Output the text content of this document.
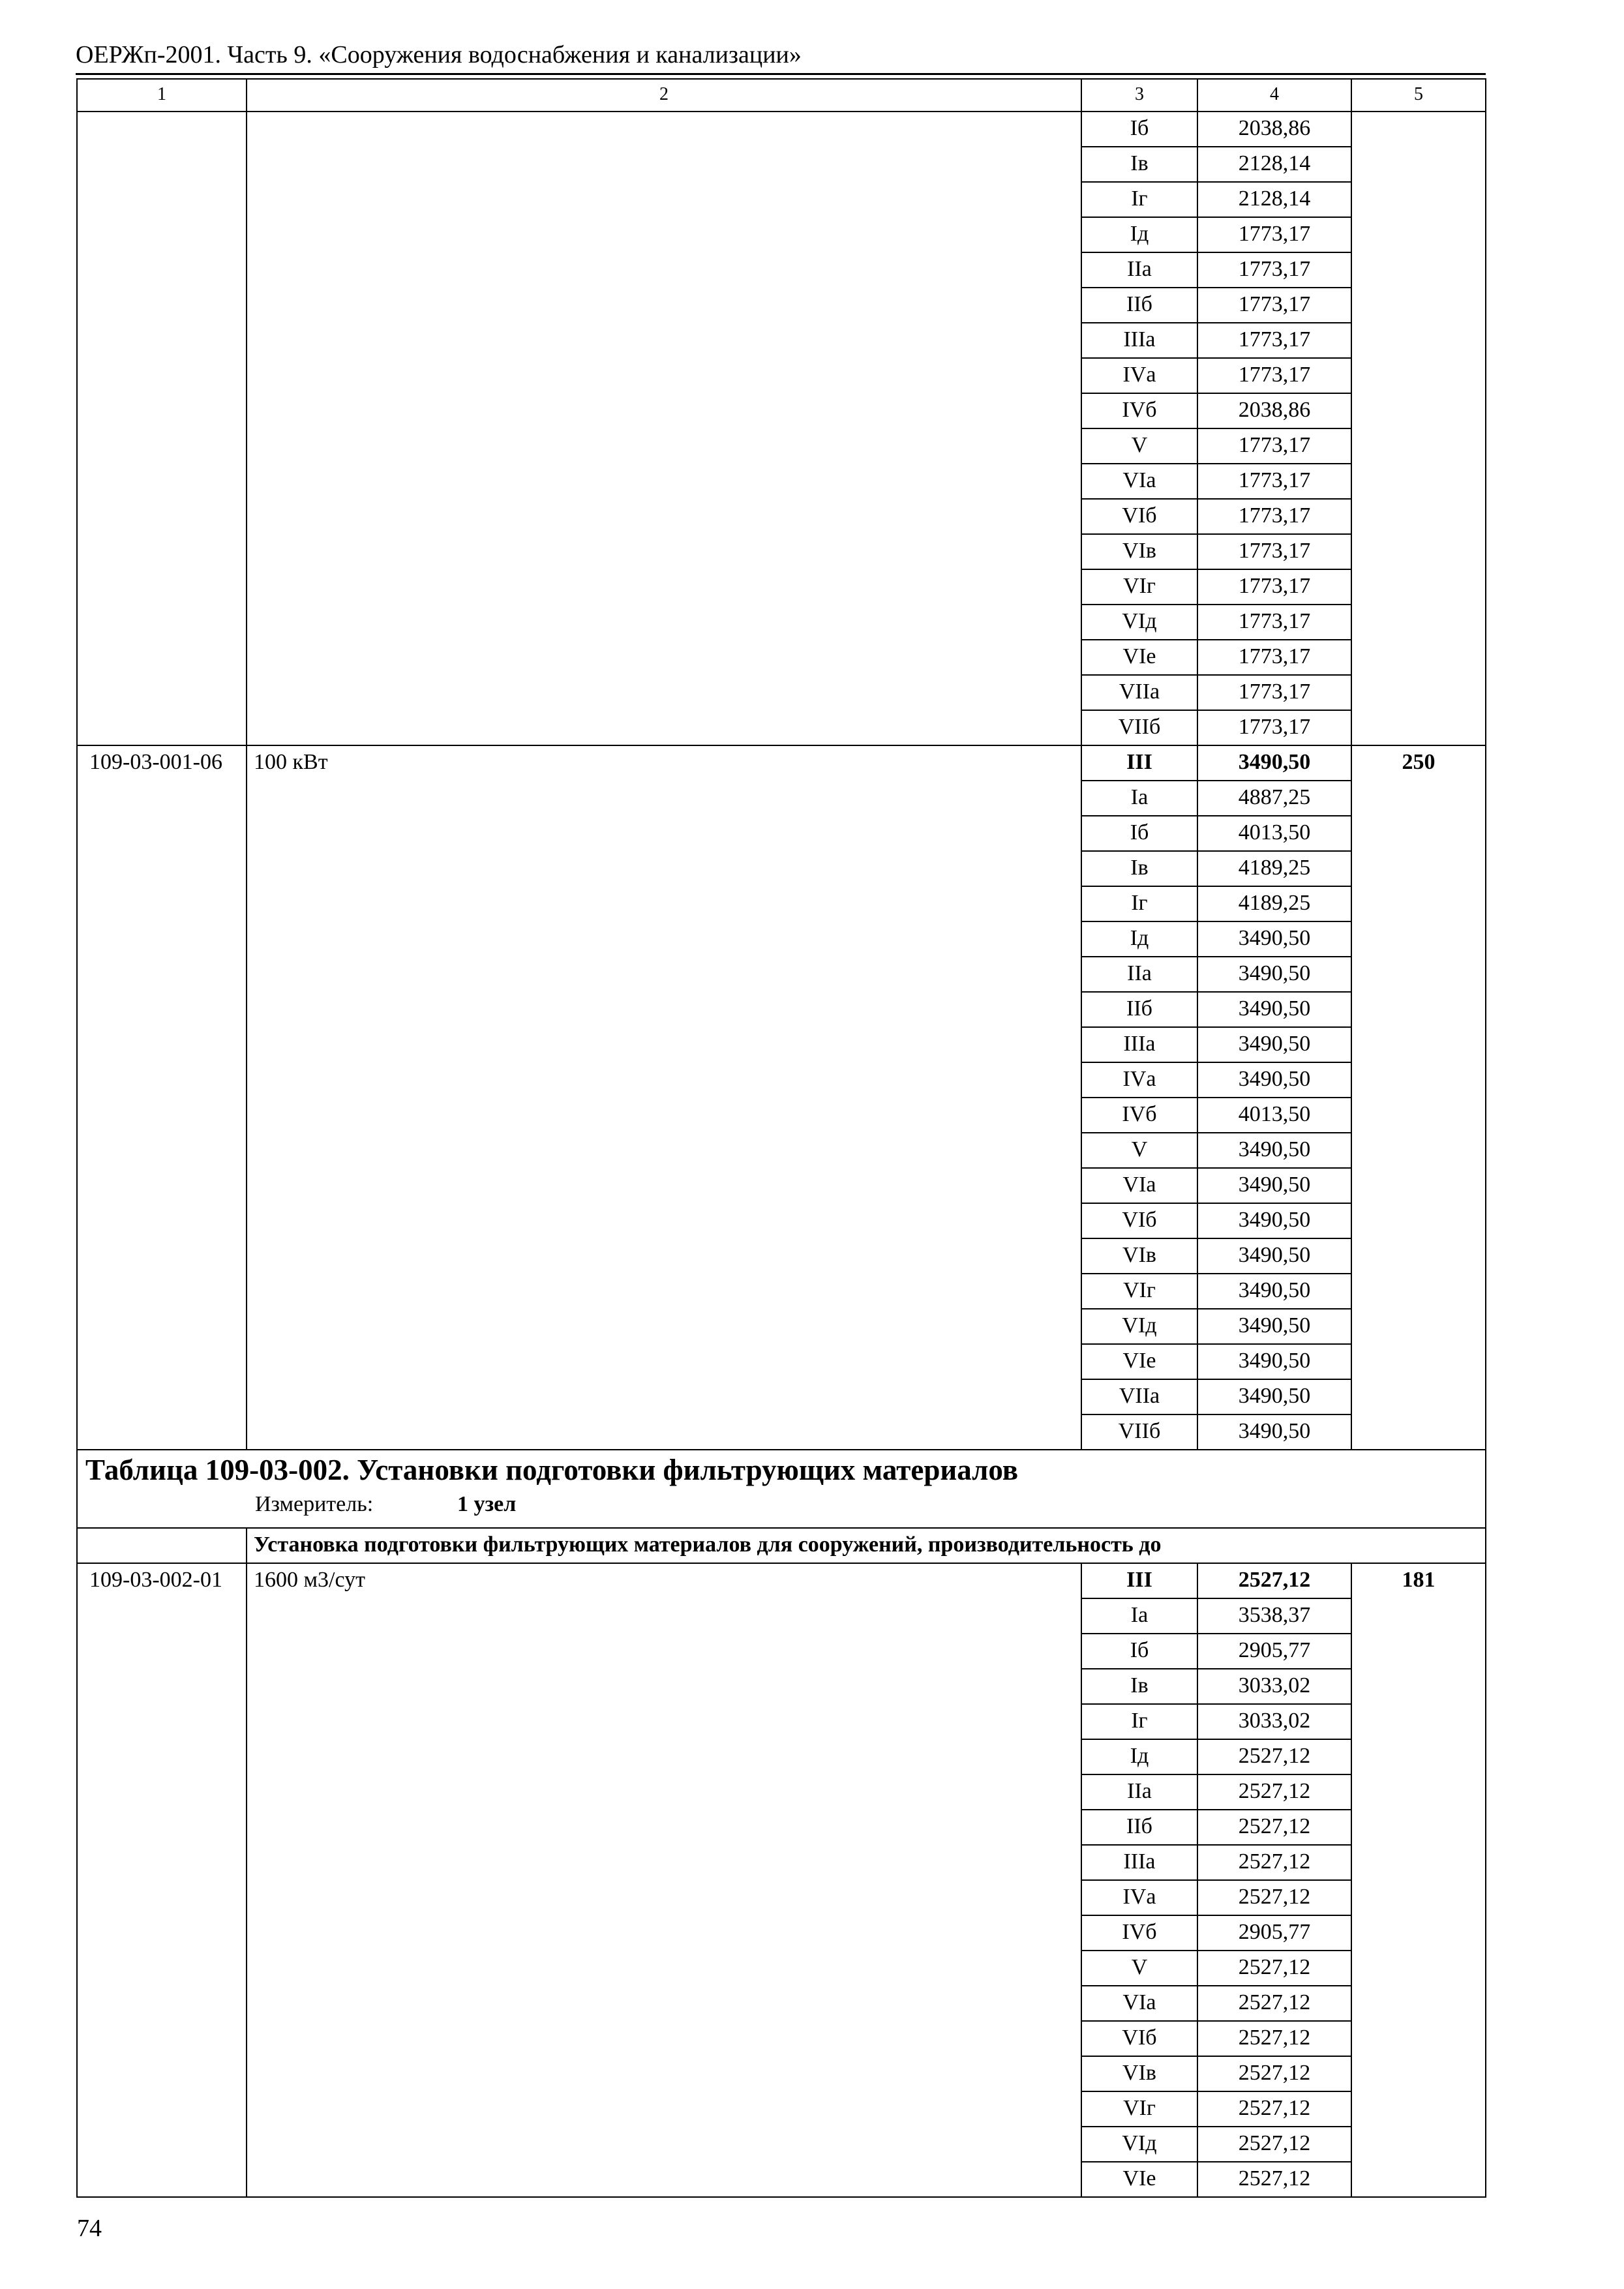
ОЕРЖп-2001. Часть 9. «Сооружения водоснабжения и канализации»
1	2	3	4	5
		Iб	2038,86	
		Iв	2128,14	
		Iг	2128,14	
		Iд	1773,17	
		IIа	1773,17	
		IIб	1773,17	
		IIIа	1773,17	
		IVа	1773,17	
		IVб	2038,86	
		V	1773,17	
		VIа	1773,17	
		VIб	1773,17	
		VIв	1773,17	
		VIг	1773,17	
		VIд	1773,17	
		VIе	1773,17	
		VIIа	1773,17	
		VIIб	1773,17	
109-03-001-06	100 кВт	III	3490,50	250
		Iа	4887,25	
		Iб	4013,50	
		Iв	4189,25	
		Iг	4189,25	
		Iд	3490,50	
		IIа	3490,50	
		IIб	3490,50	
		IIIа	3490,50	
		IVа	3490,50	
		IVб	4013,50	
		V	3490,50	
		VIа	3490,50	
		VIб	3490,50	
		VIв	3490,50	
		VIг	3490,50	
		VIд	3490,50	
		VIе	3490,50	
		VIIа	3490,50	
		VIIб	3490,50	

Таблица 109-03-002. Установки подготовки фильтрующих материалов
Измеритель: 1 узел				

	Установка подготовки фильтрующих материалов для сооружений, производительность до			
109-03-002-01	1600 м3/сут	III	2527,12	181
		Iа	3538,37	
		Iб	2905,77	
		Iв	3033,02	
		Iг	3033,02	
		Iд	2527,12	
		IIа	2527,12	
		IIб	2527,12	
		IIIа	2527,12	
		IVа	2527,12	
		IVб	2905,77	
		V	2527,12	
		VIа	2527,12	
		VIб	2527,12	
		VIв	2527,12	
		VIг	2527,12	
		VIд	2527,12	
		VIе	2527,12	
74
